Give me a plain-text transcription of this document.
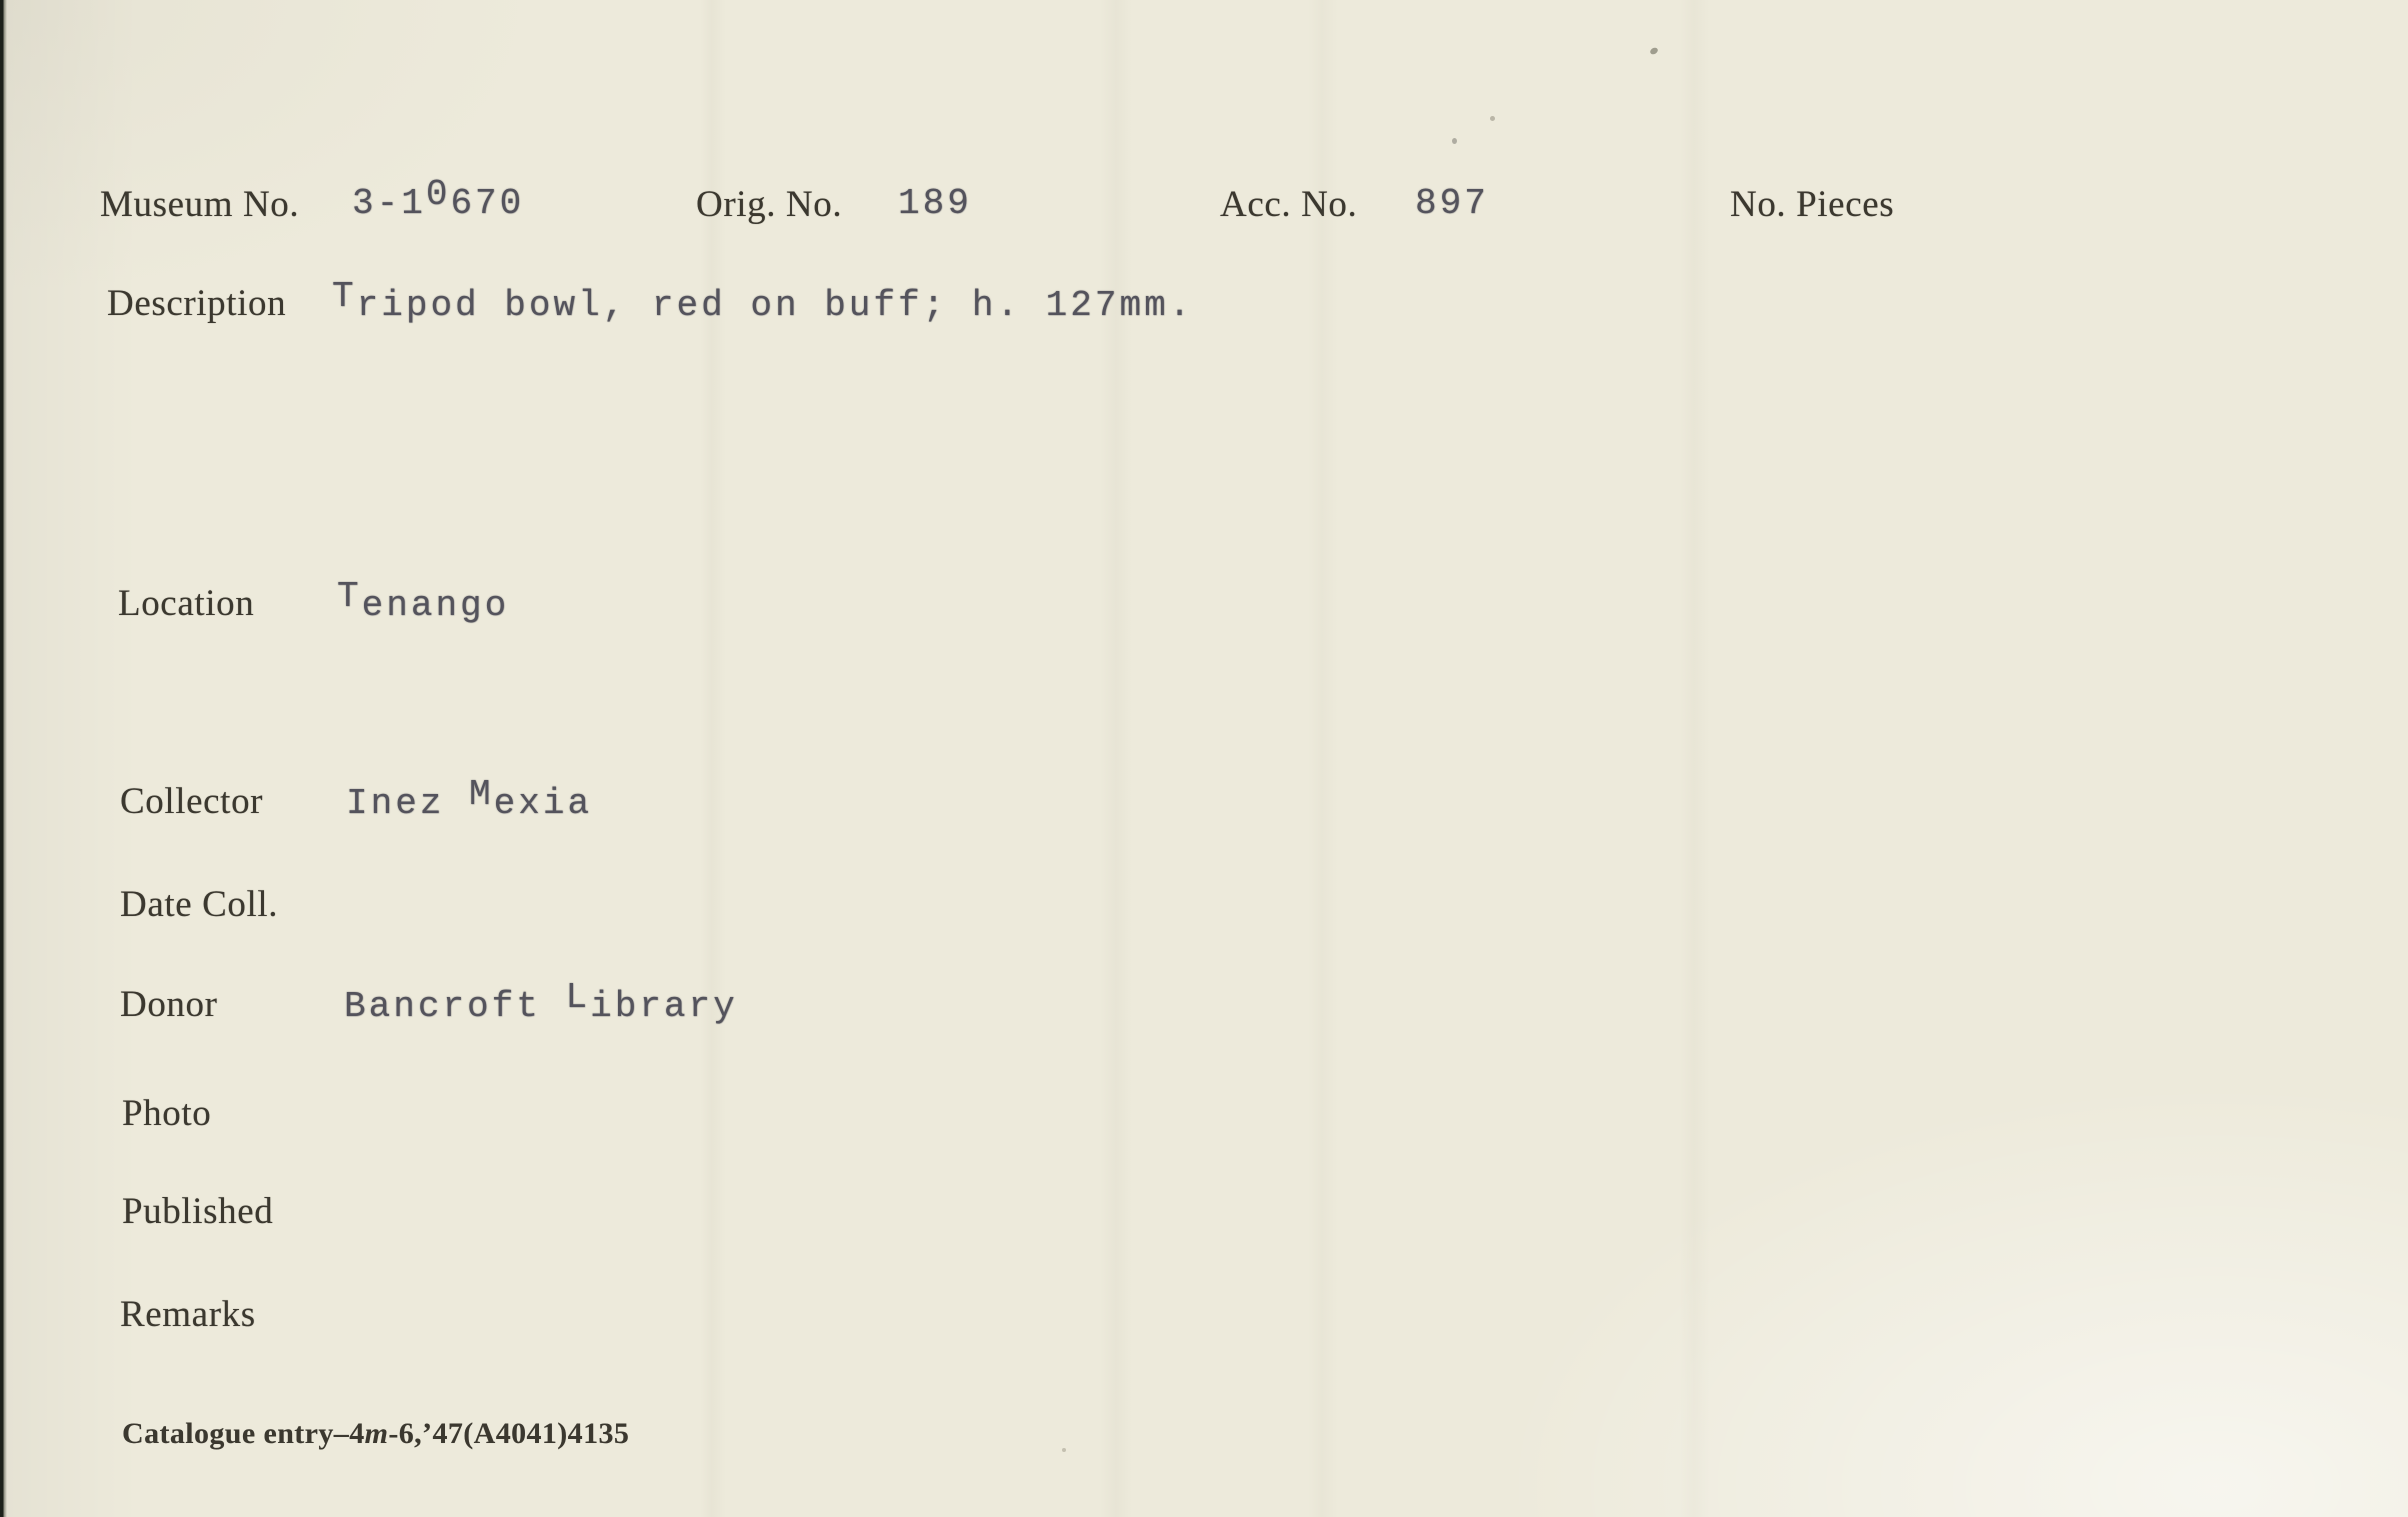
Museum No. 3-10670	Orig. No. 189	Acc. No. 897	No. Pieces
Description Tripod bowl, red on buff; h. 127mm.
Location Tenango
Collector Inez Mexia
Date Coll.
Donor	Bancroft Library
Photo
Published
Remarks
Catalogue entry–4m-6,’47(A4041)4135
